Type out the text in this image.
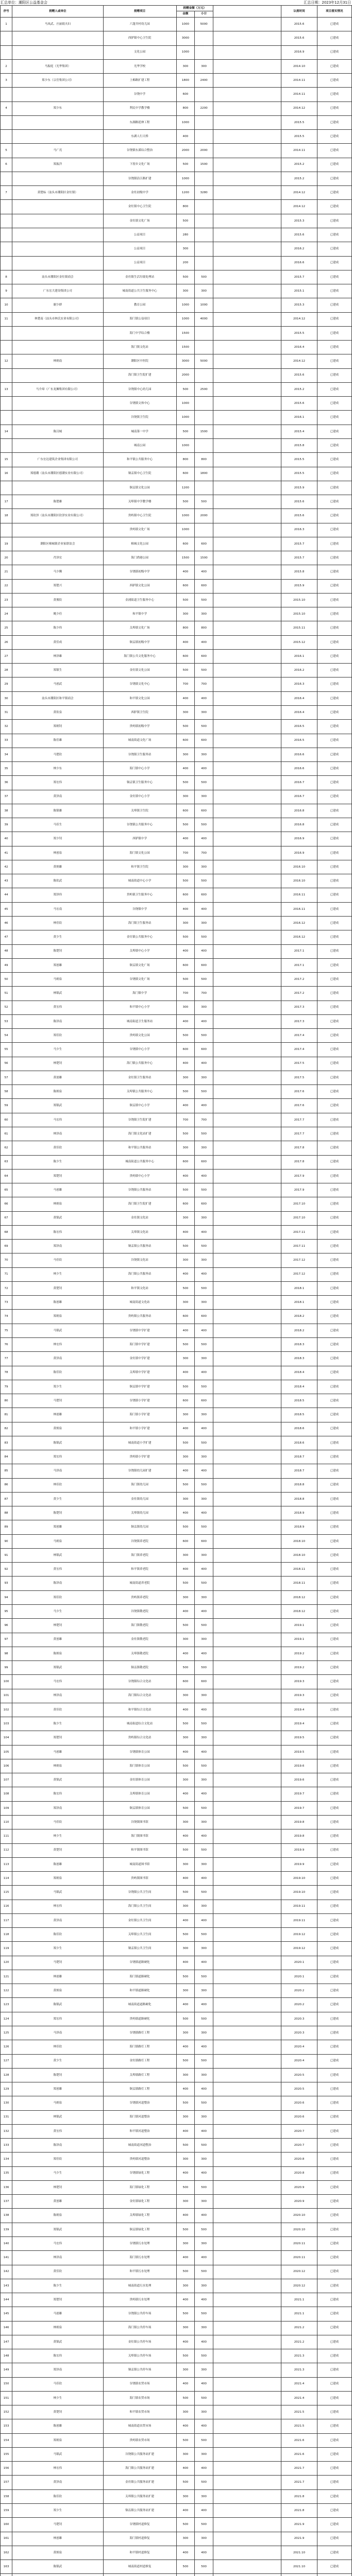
汇总单位：潮阳区公益基金会	汇总日期：2023年12月31日
序号	捐赠人或单位	捐赠项目	捐赠金额（万元）			认捐时间	项目落实情况
			金额	小计			
1	马凤武、庄丽娟夫妇	六篷井村幼儿园	1000	5000		2015.6	已建成
		西胪镇中心卫生院	3000			2015.6	已建成
		文化公园	1000			2016.9	已建成
2	马振庭（光华集团）	光华学校	300	300		2014.10	已建成
3	郑少东（宗岳集团公司）	上棉路扩建工程	1800	2400		2014.11	已建成
		谷饶中学	600			2014.11	已建成
4	郑少东	利民中学教学楼	800	2200		2014.12	已建成
		东湖路延伸工程	1000			2015.5	已建成
		东湖人行天桥	400			2015.5	已建成
5	马广亮	谷饶镇东溪综合整治	2000	2000		2014.11	已建成
6	郑振洋	下厝乡文化广场	500	1500		2015.2	已建成
		谷饶镇沿江路扩建	1000			2015.2	已建成
7	黄楚标（汕头市潮阳区金灶镇）	金灶初级中学	1200	3280		2014.12	已建成
		金灶镇中心卫生院	800			2014.12	已建成
		金灶镇文化广场	500			2015.3	已建成
		公益项目	280			2015.6	已建成
		公益项目	300			2016.2	已建成
		公益项目	200			2016.6	已建成
8	汕头市潮阳区金灶镇商会	金灶镇生活垃圾处理站	500	500		2015.7	已建成
9	广东宏大建设集团公司	城南街道公共卫生服务中心	300	300		2015.1	已建成
10	谢少群	教育公园	1000	1000		2015.3	已建成
11	林楚南（汕头市林氏实业有限公司）	海门镇公益项目	1000	4000		2014.12	已建成
		海门中学综合楼	1500			2015.5	已建成
		海门镇文化站	1500			2016.4	已建成
12	林炳南	潮阳区中医院	3000	5000		2014.12	已建成
		海门镇卫生院扩建	2000			2015.6	已建成
13	马介璋（广东龙狮集团有限公司）	谷饶镇中心幼儿园	500	2500		2015.2	已建成
		谷饶镇文体中心	1000			2015.6	已建成
		谷饶镇卫生院	1000			2016.1	已建成
14	陈汉城	城南第一中学	500	1500		2015.4	已建成
		城南公园	1000			2015.8	已建成
15	广东宏达建筑企业集团有限公司	和平镇公共服务中心	800	800		2015.5	已建成
16	郑德潮（汕头市潮阳区德潮实业有限公司）	铜盂镇中心卫生院	600	1800		2015.5	已建成
		铜盂镇文化公园	1200			2015.9	已建成
17	陈楚雄	关埠镇中学教学楼	500	500		2015.6	已建成
18	郑钦泽（汕头市潮阳区钦泽实业有限公司）	贵屿镇中心卫生院	1000	2000		2015.6	已建成
		贵屿镇文化广场	1000			2016.3	已建成
19	潮阳区棉城镇企业家联谊会	棉城文化公园	600	600		2015.7	已建成
20	肖泽宏	海门渔港公园	1500	1500		2015.7	已建成
21	马少腾	谷饶镇初级中学	400	400		2015.8	已建成
22	郑楚兴	西胪镇文化公园	600	600		2015.9	已建成
23	黄俊钦	金浦街道卫生服务中心	500	500		2015.10	已建成
24	姚少佳	和平镇中学	300	300		2015.10	已建成
25	陈少伟	关埠镇文化广场	800	800		2015.11	已建成
26	黄佳成	铜盂镇初级中学	400	400		2015.12	已建成
27	林泽雄	海门镇公共文化服务中心	600	600		2016.1	已建成
28	郑镇生	金灶镇文化公园	500	500		2016.2	已建成
29	马创武	谷饶镇文化中心	700	700		2016.3	已建成
30	汕头市潮阳区和平镇商会	和平镇文化公园	400	400		2016.4	已建成
31	黄钦泉	西胪镇卫生院	300	300		2016.4	已建成
32	郑炳钊	贵屿镇初级中学	500	500		2016.5	已建成
33	陈佳雄	城南街道文化广场	600	600		2016.5	已建成
34	马楚钦	谷饶镇卫生服务站	300	300		2016.6	已建成
35	林少东	海门镇中心小学	400	400		2016.6	已建成
36	郑宏伟	铜盂镇卫生服务中心	500	500		2016.7	已建成
37	黄泽南	金灶镇中心小学	300	300		2016.7	已建成
38	陈镇雄	关埠镇卫生院	600	600		2016.8	已建成
39	马佳生	谷饶镇公共服务中心	500	500		2016.8	已建成
40	郑少钊	西胪镇中学	400	400		2016.9	已建成
41	林创泉	海门镇文化公园	700	700		2016.9	已建成
42	黄炳雄	和平镇卫生院	300	300		2016.10	已建成
43	陈钦武	城南街道中心小学	500	500		2016.10	已建成
44	郑泽伟	贵屿镇卫生服务中心	600	600		2016.11	已建成
45	马宏南	谷饶镇中学	400	400		2016.11	已建成
46	林佳钦	海门镇卫生服务站	300	300		2016.12	已建成
47	黄少生	金灶镇公共服务中心	500	500		2016.12	已建成
48	陈楚钊	关埠镇中心小学	400	400		2017.1	已建成
49	郑创雄	铜盂镇文化广场	600	600		2017.1	已建成
50	马炳泉	谷饶镇文化广场	500	500		2017.2	已建成
51	林镇武	海门镇中学	700	700		2017.2	已建成
52	黄宏伟	和平镇中心小学	300	300		2017.3	已建成
53	陈泽南	城南街道卫生服务站	400	400		2017.3	已建成
54	郑佳钦	贵屿镇文化公园	500	500		2017.4	已建成
55	马少生	谷饶镇中心小学	600	600		2017.4	已建成
56	林楚钊	海门镇公共服务中心	400	400		2017.5	已建成
57	黄创雄	金灶镇卫生服务站	300	300		2017.5	已建成
58	陈炳泉	关埠镇公共服务中心	500	500		2017.6	已建成
59	郑镇武	铜盂镇中心小学	400	400		2017.6	已建成
60	马宏伟	谷饶镇卫生院扩建	700	700		2017.7	已建成
61	林泽南	海门镇文化站扩建	500	500		2017.7	已建成
62	黄佳钦	和平镇公共服务站	300	300		2017.8	已建成
63	陈少生	城南街道公共服务中心	600	600		2017.8	已建成
64	郑楚钊	贵屿镇中心小学	400	400		2017.9	已建成
65	马创雄	谷饶镇公共服务站	500	500		2017.9	已建成
66	林炳泉	海门镇卫生院扩建	600	600		2017.10	已建成
67	黄镇武	金灶镇文化站	300	300		2017.10	已建成
68	陈宏伟	关埠镇文化站	400	400		2017.11	已建成
69	郑泽南	铜盂镇公共服务站	500	500		2017.11	已建成
70	马佳钦	谷饶镇文化站	300	300		2017.12	已建成
71	林少生	海门镇公共服务站	400	400		2017.12	已建成
72	黄楚钊	和平镇文化站	500	500		2018.1	已建成
73	陈创雄	城南街道文化站	300	300		2018.1	已建成
74	郑炳泉	贵屿镇公共服务站	600	600		2018.2	已建成
75	马镇武	谷饶镇中学扩建	400	400		2018.2	已建成
76	林宏伟	海门镇中学扩建	500	500		2018.3	已建成
77	黄泽南	金灶镇中学扩建	300	300		2018.3	已建成
78	陈佳钦	关埠镇中学扩建	400	400		2018.4	已建成
79	郑少生	铜盂镇中学扩建	500	500		2018.4	已建成
80	马楚钊	谷饶镇小学扩建	600	600		2018.5	已建成
81	林创雄	海门镇小学扩建	300	300		2018.5	已建成
82	黄炳泉	和平镇小学扩建	400	400		2018.6	已建成
83	陈镇武	城南街道小学扩建	500	500		2018.6	已建成
84	郑宏伟	贵屿镇小学扩建	300	300		2018.7	已建成
85	马泽南	谷饶镇幼儿园扩建	400	400		2018.7	已建成
86	林佳钦	海门镇幼儿园	500	500		2018.8	已建成
87	黄少生	金灶镇幼儿园	300	300		2018.8	已建成
88	陈楚钊	关埠镇幼儿园	400	400		2018.9	已建成
89	郑创雄	铜盂镇幼儿园	500	500		2018.9	已建成
90	马炳泉	谷饶镇养老院	600	600		2018.10	已建成
91	林镇武	海门镇养老院	300	300		2018.10	已建成
92	黄宏伟	和平镇养老院	400	400		2018.11	已建成
93	陈泽南	城南街道养老院	500	500		2018.11	已建成
94	郑佳钦	贵屿镇养老院	300	300		2018.12	已建成
95	马少生	谷饶镇敬老院	400	400		2018.12	已建成
96	林楚钊	海门镇敬老院	500	500		2019.1	已建成
97	黄创雄	金灶镇敬老院	300	300		2019.1	已建成
98	陈炳泉	关埠镇敬老院	400	400		2019.2	已建成
99	郑镇武	铜盂镇敬老院	500	500		2019.2	已建成
100	马宏伟	谷饶镇综合文化站	600	600		2019.3	已建成
101	林泽南	海门镇综合文化站	300	300		2019.3	已建成
102	黄佳钦	和平镇综合文化站	400	400		2019.4	已建成
103	陈少生	城南街道综合文化站	500	500		2019.4	已建成
104	郑楚钊	贵屿镇综合文化站	300	300		2019.5	已建成
105	马创雄	谷饶镇体育公园	400	400		2019.5	已建成
106	林炳泉	海门镇体育公园	500	500		2019.6	已建成
107	黄镇武	金灶镇体育公园	300	300		2019.6	已建成
108	陈宏伟	关埠镇体育公园	400	400		2019.7	已建成
109	郑泽南	铜盂镇体育公园	500	500		2019.7	已建成
110	马佳钦	谷饶镇图书馆	300	300		2019.8	已建成
111	林少生	海门镇图书馆	400	400		2019.8	已建成
112	黄楚钊	和平镇图书馆	500	500		2019.9	已建成
113	陈创雄	城南街道图书馆	300	300		2019.9	已建成
114	郑炳泉	贵屿镇图书馆	400	400		2019.10	已建成
115	马镇武	谷饶镇公共卫生间	500	500		2019.10	已建成
116	林宏伟	海门镇公共卫生间	300	300		2019.11	已建成
117	黄泽南	金灶镇公共卫生间	400	400		2019.11	已建成
118	陈佳钦	关埠镇公共卫生间	500	500		2019.12	已建成
119	郑少生	铜盂镇公共卫生间	300	300		2019.12	已建成
120	马楚钊	谷饶镇道路硬化	400	400		2020.1	已建成
121	林创雄	海门镇道路硬化	500	500		2020.1	已建成
122	黄炳泉	和平镇道路硬化	300	300		2020.2	已建成
123	陈镇武	城南街道道路硬化	400	400		2020.2	已建成
124	郑宏伟	贵屿镇道路硬化	500	500		2020.3	已建成
125	马泽南	谷饶镇路灯工程	300	300		2020.3	已建成
126	林佳钦	海门镇路灯工程	400	400		2020.4	已建成
127	黄少生	金灶镇路灯工程	500	500		2020.4	已建成
128	陈楚钊	关埠镇路灯工程	300	300		2020.5	已建成
129	郑创雄	铜盂镇路灯工程	400	400		2020.5	已建成
130	马炳泉	谷饶镇河道整治	500	500		2020.6	已建成
131	林镇武	海门镇河道整治	300	300		2020.6	已建成
132	黄宏伟	和平镇河道整治	400	400		2020.7	已建成
133	陈泽南	城南街道河道整治	500	500		2020.7	已建成
134	郑佳钦	贵屿镇河道整治	300	300		2020.8	已建成
135	马少生	谷饶镇绿化工程	400	400		2020.8	已建成
136	林楚钊	海门镇绿化工程	500	500		2020.9	已建成
137	黄创雄	金灶镇绿化工程	300	300		2020.9	已建成
138	陈炳泉	关埠镇绿化工程	400	400		2020.10	已建成
139	郑镇武	铜盂镇绿化工程	500	500		2020.10	已建成
140	马宏伟	谷饶镇污水处理	300	300		2020.11	已建成
141	林泽南	海门镇污水处理	400	400		2020.11	已建成
142	黄佳钦	和平镇污水处理	500	500		2020.12	已建成
143	陈少生	城南街道污水处理	300	300		2020.12	已建成
144	郑楚钊	贵屿镇污水处理	400	400		2021.1	已建成
145	马创雄	谷饶镇公共停车场	500	500		2021.1	已建成
146	林炳泉	海门镇公共停车场	300	300		2021.2	已建成
147	黄镇武	金灶镇公共停车场	400	400		2021.2	已建成
148	陈宏伟	关埠镇公共停车场	500	500		2021.3	已建成
149	郑泽南	铜盂镇公共停车场	300	300		2021.3	已建成
150	马佳钦	谷饶镇农贸市场	400	400		2021.4	已建成
151	林少生	海门镇农贸市场	500	500		2021.4	已建成
152	黄楚钊	和平镇农贸市场	300	300		2021.5	已建成
153	陈创雄	城南街道农贸市场	400	400		2021.5	已建成
154	郑炳泉	贵屿镇农贸市场	500	500		2021.6	已建成
155	马镇武	谷饶镇公共服务站扩建	300	300		2021.6	已建成
156	林宏伟	海门镇公共服务站扩建	400	400		2021.7	已建成
157	黄泽南	金灶镇公共服务站扩建	500	500		2021.7	已建成
158	陈佳钦	关埠镇公共服务站扩建	300	300		2021.8	已建成
159	郑少生	铜盂镇公共服务站扩建	400	400		2021.8	已建成
160	马楚钊	谷饶镇村道修复	500	500		2021.9	已建成
161	林创雄	海门镇村道修复	300	300		2021.9	已建成
162	黄炳泉	和平镇村道修复	400	400		2021.10	已建成
163	陈镇武	城南街道村道修复	500	500		2021.10	已建成
